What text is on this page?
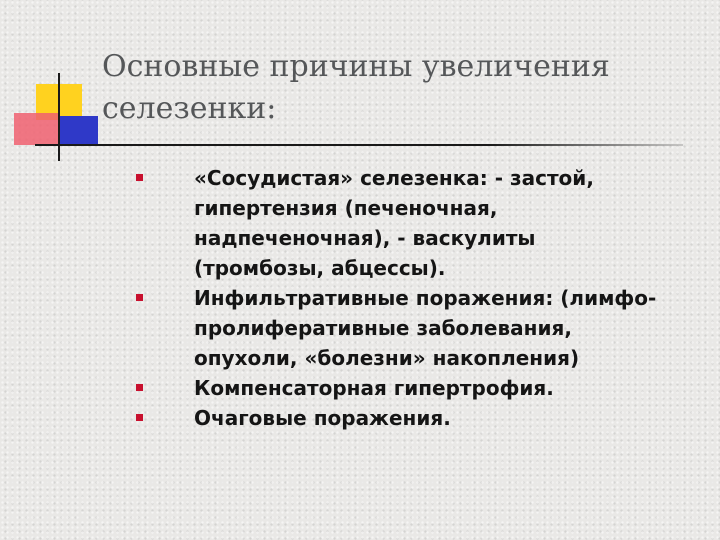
Основные причины увеличения
селезенки:
«Сосудистая» селезенка: - застой,
гипертензия (печеночная,
надпеченочная), - васкулиты
(тромбозы, абцессы).
Инфильтративные поражения: (лимфо-
пролиферативные заболевания,
опухоли, «болезни» накопления)
Компенсаторная гипертрофия.
Очаговые поражения.
